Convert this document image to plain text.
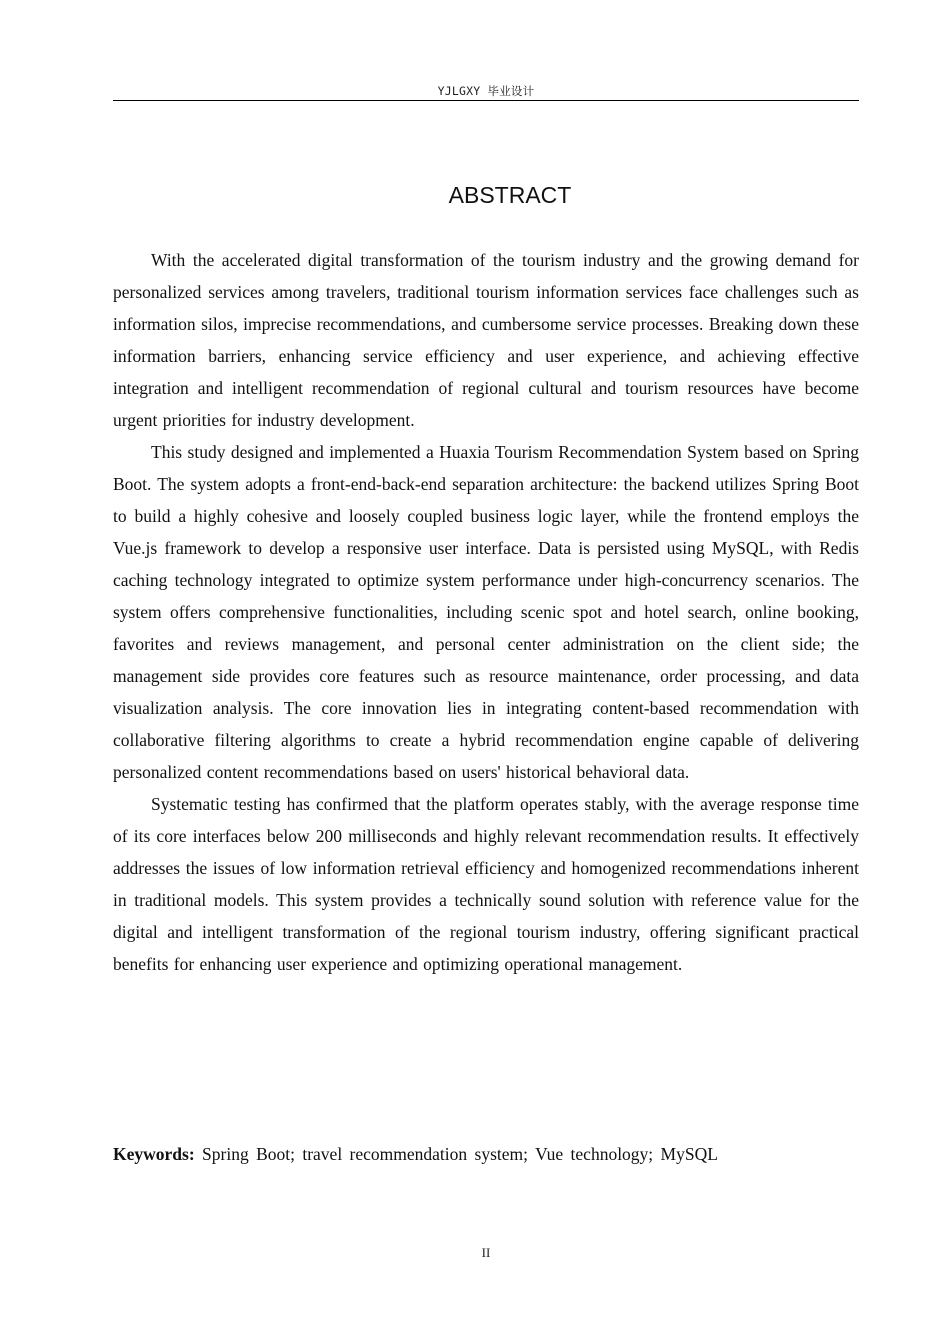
YJLGXY 毕业设计
ABSTRACT

With the accelerated digital transformation of the tourism industry and the growing demand for personalized services among travelers, traditional tourism information services face challenges such as information silos, imprecise recommendations, and cumbersome service processes. Breaking down these information barriers, enhancing service efficiency and user experience, and achieving effective integration and intelligent recommendation of regional cultural and tourism resources have become urgent priorities for industry development.

This study designed and implemented a Huaxia Tourism Recommendation System based on Spring Boot. The system adopts a front-end-back-end separation architecture: the backend utilizes Spring Boot to build a highly cohesive and loosely coupled business logic layer, while the frontend employs the Vue.js framework to develop a responsive user interface. Data is persisted using MySQL, with Redis caching technology integrated to optimize system performance under high-concurrency scenarios. The system offers comprehensive functionalities, including scenic spot and hotel search, online booking, favorites and reviews management, and personal center administration on the client side; the management side provides core features such as resource maintenance, order processing, and data visualization analysis. The core innovation lies in integrating content-based recommendation with collaborative filtering algorithms to create a hybrid recommendation engine capable of delivering personalized content recommendations based on users' historical behavioral data.

Systematic testing has confirmed that the platform operates stably, with the average response time of its core interfaces below 200 milliseconds and highly relevant recommendation results. It effectively addresses the issues of low information retrieval efficiency and homogenized recommendations inherent in traditional models. This system provides a technically sound solution with reference value for the digital and intelligent transformation of the regional tourism industry, offering significant practical benefits for enhancing user experience and optimizing operational management.

Keywords: Spring Boot; travel recommendation system; Vue technology; MySQL
II
